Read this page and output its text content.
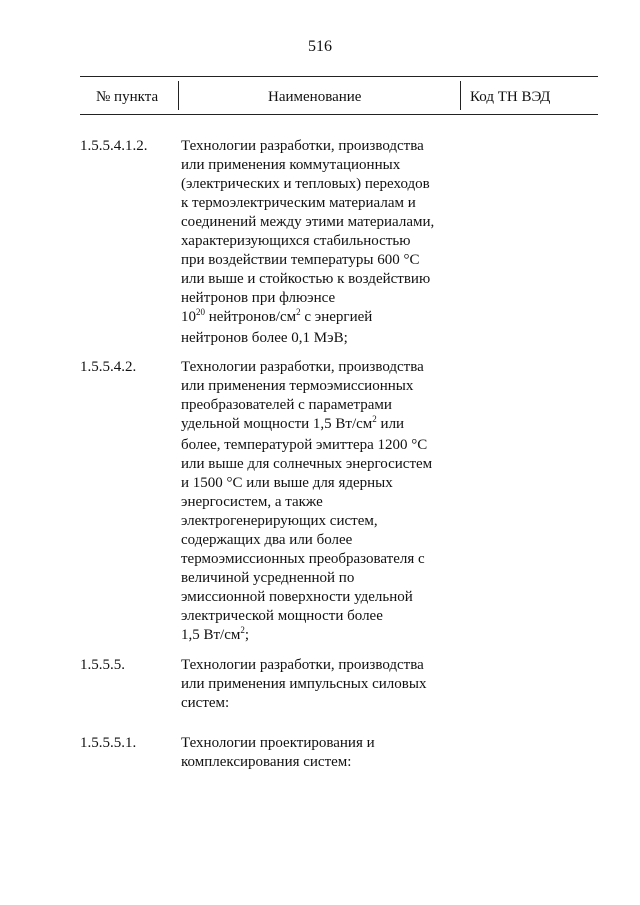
516
№ пункта	Наименование	Код ТН ВЭД
1.5.5.4.1.2. Технологии разработки, производства
или применения коммутационных
(электрических и тепловых) переходов
к термоэлектрическим материалам и
соединений между этими материалами,
характеризующихся стабильностью
при воздействии температуры 600 °С
или выше и стойкостью к воздействию
нейтронов при флюэнсе
$10^{20}$ нейтронов/$см^2$ с энергией
нейтронов более 0,1 МэВ;
1.5.5.4.2.	Технологии разработки, производства
или применения термоэмиссионных
преобразователей с параметрами
удельной мощности 1,5 $Вт/см^2$ или
более, температурой эмиттера 1200 °С
или выше для солнечных энергосистем
и 1500 °С или выше для ядерных
энергосистем, а также
электрогенерирующих систем,
содержащих два или более
термоэмиссионных преобразователя с
величиной усредненной по
эмиссионной поверхности удельной
электрической мощности более
1,5 $Вт/см^2$;
1.5.5.5.	Технологии разработки, производства
или применения импульсных силовых
систем:
1.5.5.5.1.	Технологии проектирования и
комплексирования систем:
